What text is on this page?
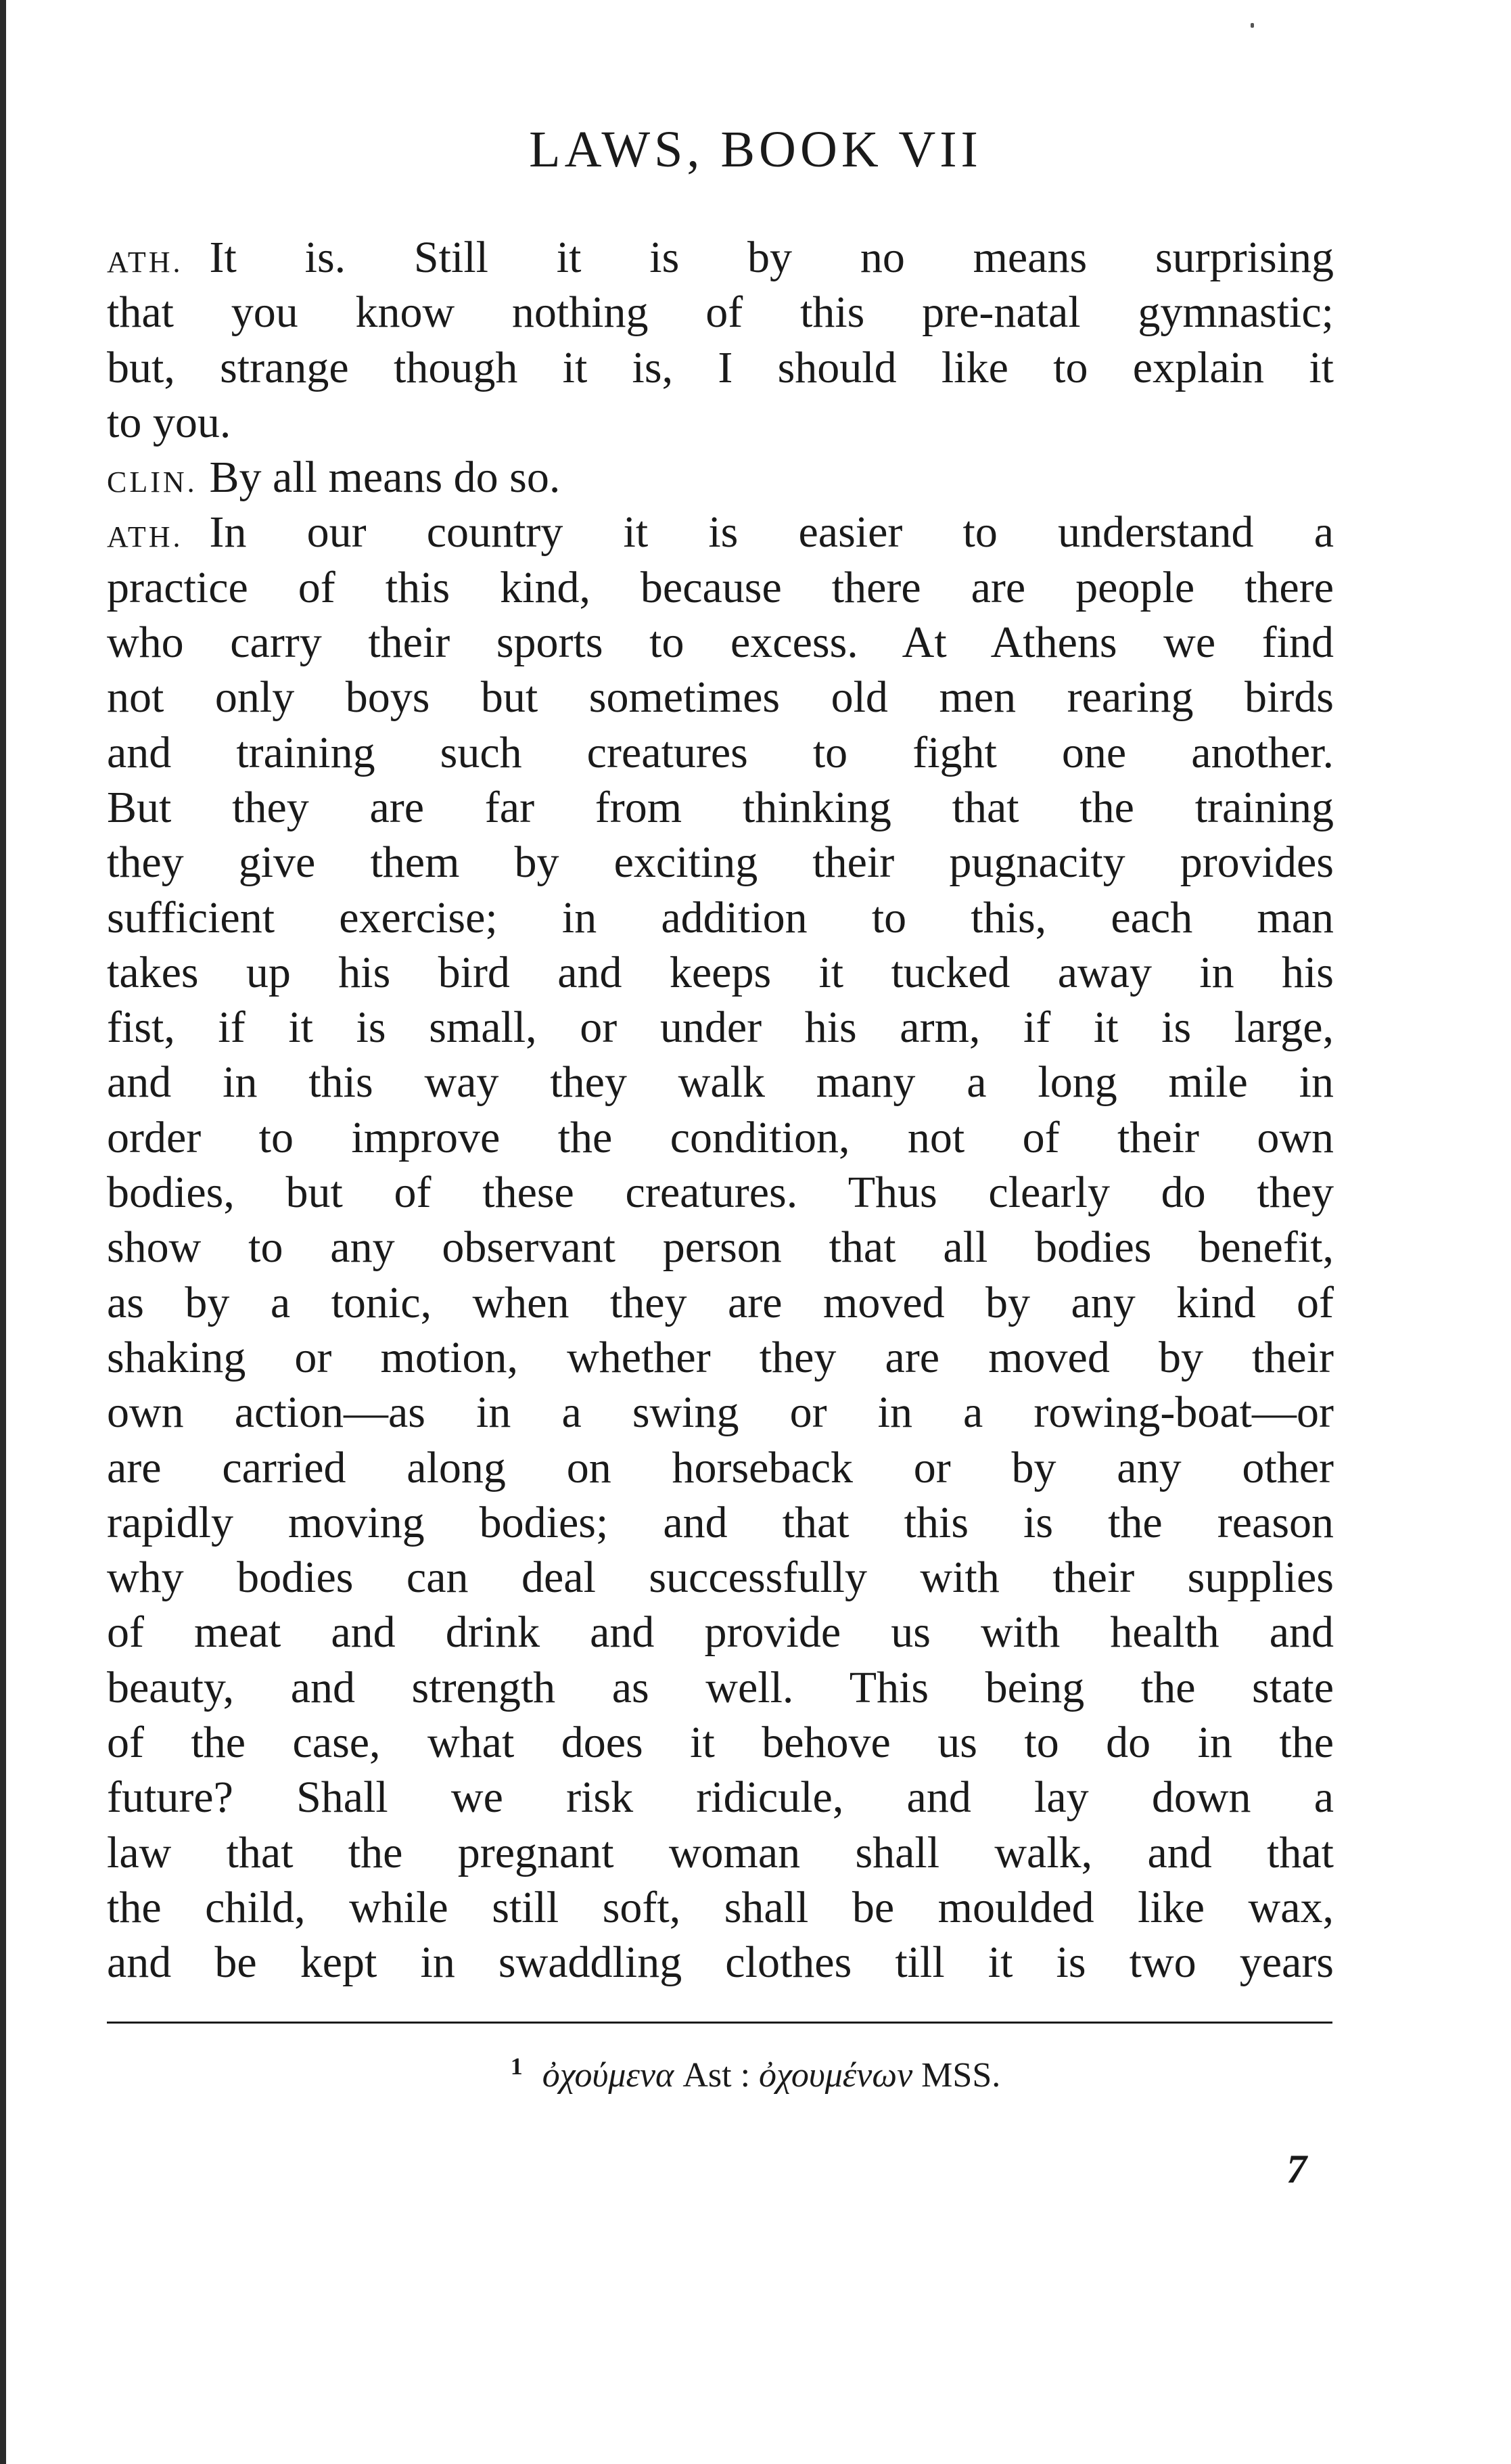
LAWS, BOOK VII
ATH. It is. Still it is by no means surprising
that you know nothing of this pre-natal gymnastic;
but, strange though it is, I should like to explain it
to you.
CLIN. By all means do so.
ATH. In our country it is easier to understand a
practice of this kind, because there are people there
who carry their sports to excess. At Athens we find
not only boys but sometimes old men rearing birds
and training such creatures to fight one another.
But they are far from thinking that the training
they give them by exciting their pugnacity provides
sufficient exercise; in addition to this, each man
takes up his bird and keeps it tucked away in his
fist, if it is small, or under his arm, if it is large,
and in this way they walk many a long mile in
order to improve the condition, not of their own
bodies, but of these creatures. Thus clearly do they
show to any observant person that all bodies benefit,
as by a tonic, when they are moved by any kind of
shaking or motion, whether they are moved by their
own action—as in a swing or in a rowing-boat—or
are carried along on horseback or by any other
rapidly moving bodies; and that this is the reason
why bodies can deal successfully with their supplies
of meat and drink and provide us with health and
beauty, and strength as well. This being the state
of the case, what does it behove us to do in the
future? Shall we risk ridicule, and lay down a
law that the pregnant woman shall walk, and that
the child, while still soft, shall be moulded like wax,
and be kept in swaddling clothes till it is two years
$^1$ ὀχούμενα Ast : ὀχουμένων MSS.
7
